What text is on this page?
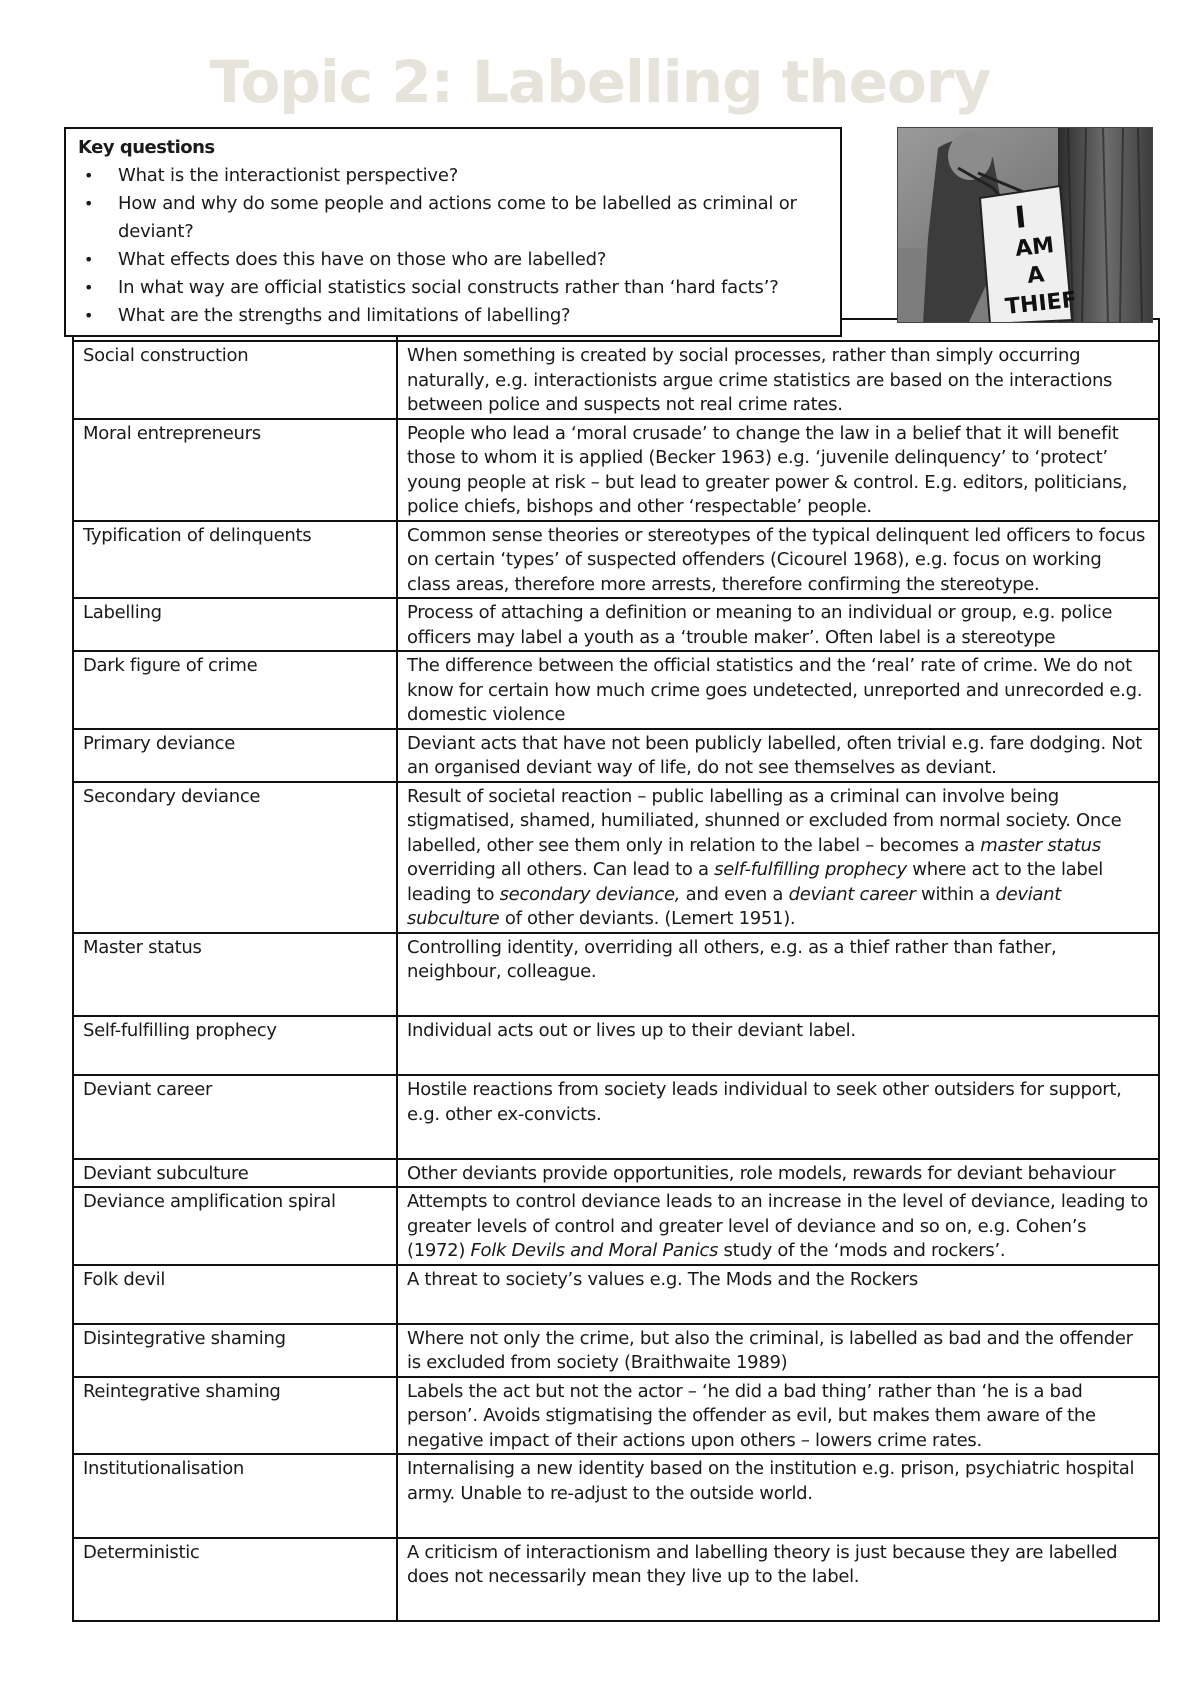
Topic 2: Labelling theory
Key questions
• What is the interactionist perspective?
• How and why do some people and actions come to be labelled as criminal or deviant?
• What effects does this have on those who are labelled?
• In what way are official statistics social constructs rather than ‘hard facts’?
• What are the strengths and limitations of labelling?
I
AM
A
THIEF

Social construction	When something is created by social processes, rather than simply occurring naturally, e.g. interactionists argue crime statistics are based on the interactions between police and suspects not real crime rates.
Moral entrepreneurs	People who lead a ‘moral crusade’ to change the law in a belief that it will benefit those to whom it is applied (Becker 1963) e.g. ‘juvenile delinquency’ to ‘protect’ young people at risk – but lead to greater power & control. E.g. editors, politicians, police chiefs, bishops and other ‘respectable’ people.
Typification of delinquents	Common sense theories or stereotypes of the typical delinquent led officers to focus on certain ‘types’ of suspected offenders (Cicourel 1968), e.g. focus on working class areas, therefore more arrests, therefore confirming the stereotype.
Labelling	Process of attaching a definition or meaning to an individual or group, e.g. police officers may label a youth as a ‘trouble maker’. Often label is a stereotype
Dark figure of crime	The difference between the official statistics and the ‘real’ rate of crime. We do not know for certain how much crime goes undetected, unreported and unrecorded e.g. domestic violence
Primary deviance	Deviant acts that have not been publicly labelled, often trivial e.g. fare dodging. Not an organised deviant way of life, do not see themselves as deviant.
Secondary deviance	Result of societal reaction – public labelling as a criminal can involve being stigmatised, shamed, humiliated, shunned or excluded from normal society. Once labelled, other see them only in relation to the label – becomes a master status overriding all others. Can lead to a self-fulfilling prophecy where act to the label leading to secondary deviance, and even a deviant career within a deviant subculture of other deviants. (Lemert 1951).
Master status	Controlling identity, overriding all others, e.g. as a thief rather than father, neighbour, colleague.
Self-fulfilling prophecy	Individual acts out or lives up to their deviant label.
Deviant career	Hostile reactions from society leads individual to seek other outsiders for support, e.g. other ex-convicts.
Deviant subculture	Other deviants provide opportunities, role models, rewards for deviant behaviour
Deviance amplification spiral	Attempts to control deviance leads to an increase in the level of deviance, leading to greater levels of control and greater level of deviance and so on, e.g. Cohen’s (1972) Folk Devils and Moral Panics study of the ‘mods and rockers’.
Folk devil	A threat to society’s values e.g. The Mods and the Rockers
Disintegrative shaming	Where not only the crime, but also the criminal, is labelled as bad and the offender is excluded from society (Braithwaite 1989)
Reintegrative shaming	Labels the act but not the actor – ‘he did a bad thing’ rather than ‘he is a bad person’. Avoids stigmatising the offender as evil, but makes them aware of the negative impact of their actions upon others – lowers crime rates.
Institutionalisation	Internalising a new identity based on the institution e.g. prison, psychiatric hospital army. Unable to re-adjust to the outside world.
Deterministic	A criticism of interactionism and labelling theory is just because they are labelled does not necessarily mean they live up to the label.
